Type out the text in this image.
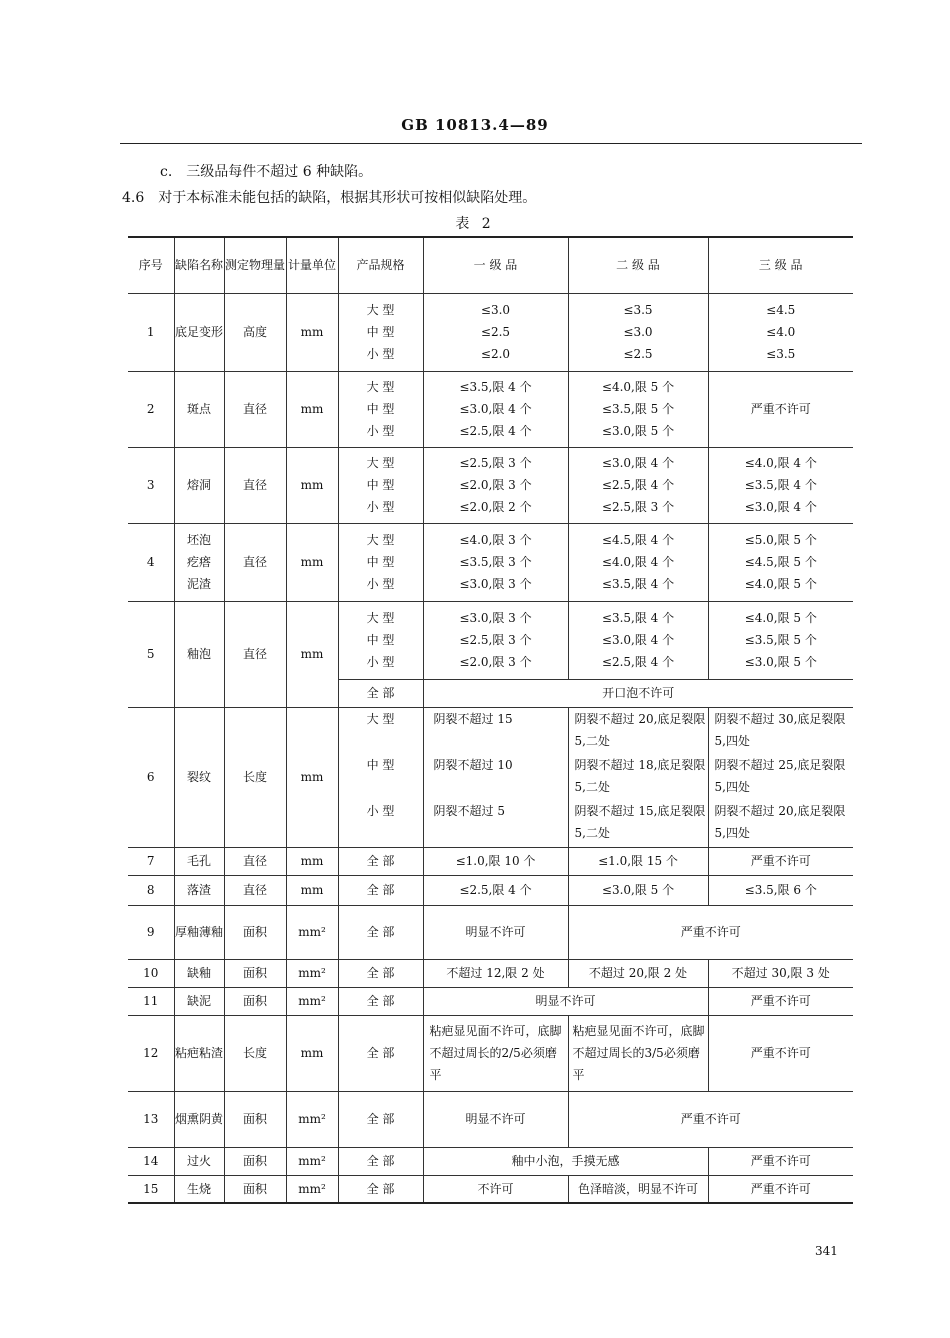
GB 10813.4—89
c.　三级品每件不超过 6 种缺陷。
4.6　对于本标准未能包括的缺陷，根据其形状可按相似缺陷处理。
表 2
序号	缺陷名称	测定物理量	计量单位	产品规格	一 级 品	二 级 品	三 级 品
1	底足变形	高度	mm	大 型
中 型
小 型	≤3.0
≤2.5
≤2.0	≤3.5
≤3.0
≤2.5	≤4.5
≤4.0
≤3.5

2	斑点	直径	mm	大 型
中 型
小 型	≤3.5,限 4 个
≤3.0,限 4 个
≤2.5,限 4 个	≤4.0,限 5 个
≤3.5,限 5 个
≤3.0,限 5 个	严重不许可
3	熔洞	直径	mm	大 型
中 型
小 型	≤2.5,限 3 个
≤2.0,限 3 个
≤2.0,限 2 个	≤3.0,限 4 个
≤2.5,限 4 个
≤2.5,限 3 个	≤4.0,限 4 个
≤3.5,限 4 个
≤3.0,限 4 个

4	坯泡
疙瘩
泥渣	直径	mm	大 型
中 型
小 型	≤4.0,限 3 个
≤3.5,限 3 个
≤3.0,限 3 个	≤4.5,限 4 个
≤4.0,限 4 个
≤3.5,限 4 个	≤5.0,限 5 个
≤4.5,限 5 个
≤4.0,限 5 个

5	釉泡	直径	mm	大 型
中 型
小 型	≤3.0,限 3 个
≤2.5,限 3 个
≤2.0,限 3 个	≤3.5,限 4 个
≤3.0,限 4 个
≤2.5,限 4 个	≤4.0,限 5 个
≤3.5,限 5 个
≤3.0,限 5 个

				全 部	开口泡不许可		
6	裂纹	长度	mm	大 型
中 型
小 型	阴裂不超过 15
阴裂不超过 10
阴裂不超过 5	阴裂不超过 20,底足裂限 5,二处
阴裂不超过 18,底足裂限 5,二处
阴裂不超过 15,底足裂限 5,二处	阴裂不超过 30,底足裂限 5,四处
阴裂不超过 25,底足裂限 5,四处
阴裂不超过 20,底足裂限 5,四处

7	毛孔	直径	mm	全 部	≤1.0,限 10 个	≤1.0,限 15 个	严重不许可
8	落渣	直径	mm	全 部	≤2.5,限 4 个	≤3.0,限 5 个	≤3.5,限 6 个
9	厚釉薄釉	面积	mm²	全 部	明显不许可	严重不许可	
10	缺釉	面积	mm²	全 部	不超过 12,限 2 处	不超过 20,限 2 处	不超过 30,限 3 处
11	缺泥	面积	mm²	全 部	明显不许可		严重不许可
12	粘疤粘渣	长度	mm	全 部	粘疤显见面不许可，底脚不超过周长的2/5必须磨平	粘疤显见面不许可，底脚不超过周长的3/5必须磨平	严重不许可
13	烟熏阴黄	面积	mm²	全 部	明显不许可	严重不许可	
14	过火	面积	mm²	全 部	釉中小泡，手摸无感		严重不许可
15	生烧	面积	mm²	全 部	不许可	色泽暗淡，明显不许可	严重不许可
341
